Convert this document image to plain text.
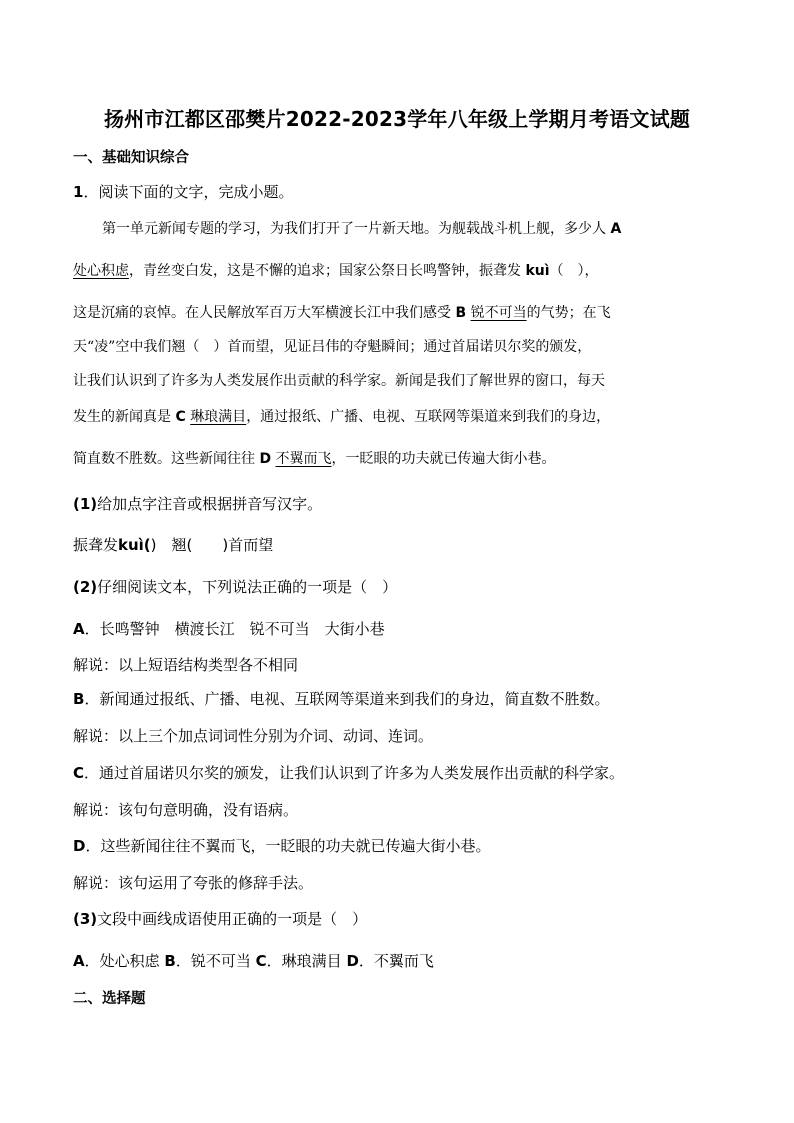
扬州市江都区邵樊片2022-2023学年八年级上学期月考语文试题
一、基础知识综合
1．阅读下面的文字，完成小题。
第一单元新闻专题的学习，为我们打开了一片新天地。为舰载战斗机上舰，多少人 A
处心积虑，青丝变白发，这是不懈的追求；国家公祭日长鸣警钟，振聋发 kuì（　），
这是沉痛的哀悼。在人民解放军百万大军横渡长江中我们感受 B 锐不可当的气势；在飞
天“凌”空中我们翘（　）首而望，见证吕伟的夺魁瞬间；通过首届诺贝尔奖的颁发，
让我们认识到了许多为人类发展作出贡献的科学家。新闻是我们了解世界的窗口，每天
发生的新闻真是 C 琳琅满目，通过报纸、广播、电视、互联网等渠道来到我们的身边，
简直数不胜数。这些新闻往往 D 不翼而飞，一眨眼的功夫就已传遍大街小巷。
(1)给加点字注音或根据拼音写汉字。
振聋发kuì()　翘(　　)首而望
(2)仔细阅读文本，下列说法正确的一项是（　）
A．长鸣警钟　横渡长江　锐不可当　大街小巷
解说：以上短语结构类型各不相同
B．新闻通过报纸、广播、电视、互联网等渠道来到我们的身边，简直数不胜数。
解说：以上三个加点词词性分别为介词、动词、连词。
C．通过首届诺贝尔奖的颁发，让我们认识到了许多为人类发展作出贡献的科学家。
解说：该句句意明确，没有语病。
D．这些新闻往往不翼而飞，一眨眼的功夫就已传遍大街小巷。
解说：该句运用了夸张的修辞手法。
(3)文段中画线成语使用正确的一项是（　）
A．处心积虑 B．锐不可当 C．琳琅满目 D．不翼而飞
二、选择题
